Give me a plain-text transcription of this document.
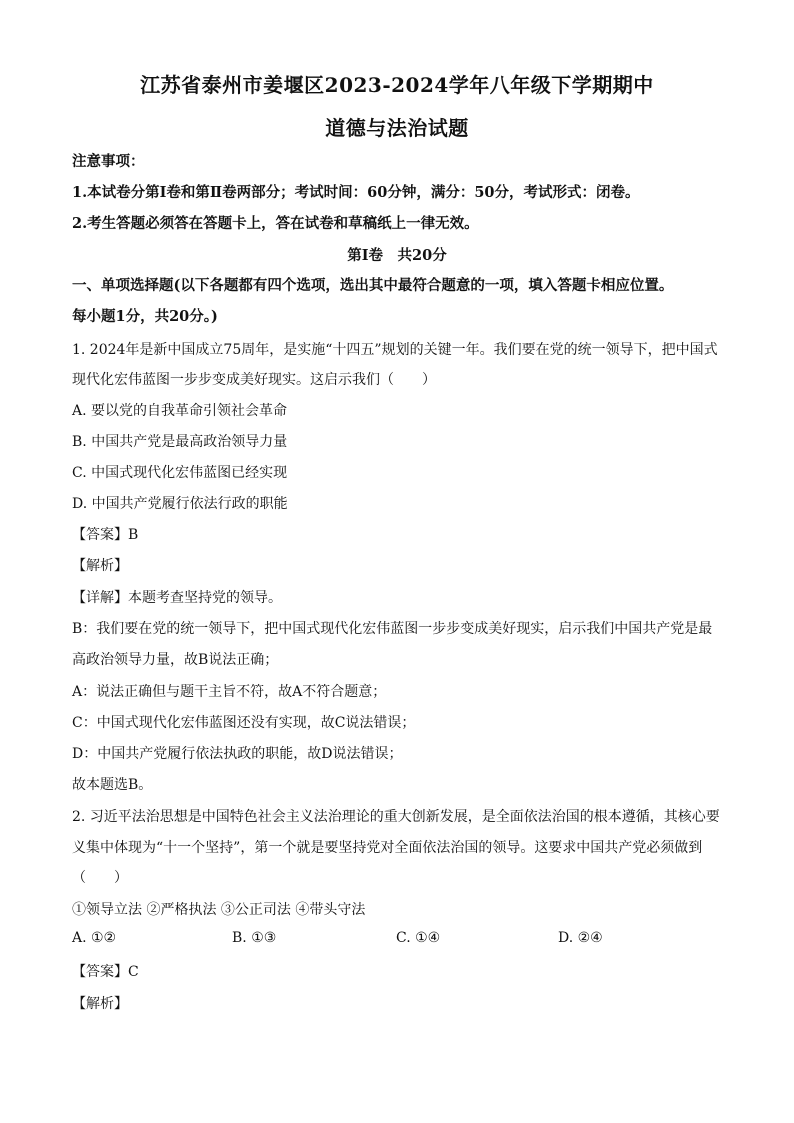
江苏省泰州市姜堰区2023-2024学年八年级下学期期中
道德与法治试题
注意事项：
1.本试卷分第Ⅰ卷和第Ⅱ卷两部分；考试时间：60分钟，满分：50分，考试形式：闭卷。
2.考生答题必须答在答题卡上，答在试卷和草稿纸上一律无效。
第Ⅰ卷　共20分
一、单项选择题(以下各题都有四个选项，选出其中最符合题意的一项，填入答题卡相应位置。
每小题1分，共20分。)
1. 2024年是新中国成立75周年，是实施“十四五”规划的关键一年。我们要在党的统一领导下，把中国式
现代化宏伟蓝图一步步变成美好现实。这启示我们（　　）
A. 要以党的自我革命引领社会革命
B. 中国共产党是最高政治领导力量
C. 中国式现代化宏伟蓝图已经实现
D. 中国共产党履行依法行政的职能
【答案】B
【解析】
【详解】本题考查坚持党的领导。
B：我们要在党的统一领导下，把中国式现代化宏伟蓝图一步步变成美好现实，启示我们中国共产党是最
高政治领导力量，故B说法正确；
A：说法正确但与题干主旨不符，故A不符合题意；
C：中国式现代化宏伟蓝图还没有实现，故C说法错误；
D：中国共产党履行依法执政的职能，故D说法错误；
故本题选B。
2. 习近平法治思想是中国特色社会主义法治理论的重大创新发展，是全面依法治国的根本遵循，其核心要
义集中体现为“十一个坚持”，第一个就是要坚持党对全面依法治国的领导。这要求中国共产党必须做到
（　　）
①领导立法 ②严格执法 ③公正司法 ④带头守法
A. ①②	B. ①③	C. ①④	D. ②④
【答案】C
【解析】
